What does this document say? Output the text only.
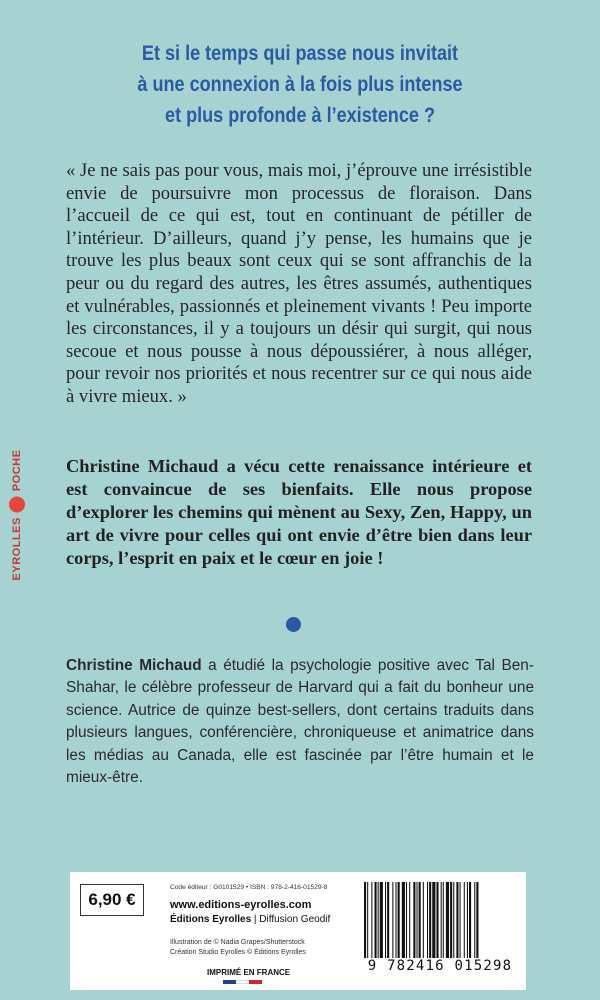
Et si le temps qui passe nous invitait
à une connexion à la fois plus intense
et plus profonde à l’existence ?
« Je ne sais pas pour vous, mais moi, j’éprouve une irrésistible envie de poursuivre mon processus de floraison. Dans l’accueil de ce qui est, tout en continuant de pétiller de l’intérieur. D’ailleurs, quand j’y pense, les humains que je trouve les plus beaux sont ceux qui se sont affranchis de la peur ou du regard des autres, les êtres assumés, authentiques et vulnérables, passionnés et pleinement vivants ! Peu importe les circonstances, il y a toujours un désir qui surgit, qui nous secoue et nous pousse à nous dépoussiérer, à nous alléger, pour revoir nos priorités et nous recentrer sur ce qui nous aide à vivre mieux. »
Christine Michaud a vécu cette renaissance intérieure et est convaincue de ses bienfaits. Elle nous propose d’explorer les chemins qui mènent au Sexy, Zen, Happy, un art de vivre pour celles qui ont envie d’être bien dans leur corps, l’esprit en paix et le cœur en joie !
Christine Michaud a étudié la psychologie positive avec Tal Ben-Shahar, le célèbre professeur de Harvard qui a fait du bonheur une science. Autrice de quinze best-sellers, dont certains traduits dans plusieurs langues, conférencière, chroniqueuse et animatrice dans les médias au Canada, elle est fascinée par l’être humain et le mieux-être.
EYROLLES
POCHE
6,90 €
Code éditeur : G0101529 • ISBN : 978-2-416-01529-8
www.editions-eyrolles.com
Éditions Eyrolles | Diffusion Geodif
Illustration de © Nadia Grapes/Shutterstock
Création Studio Eyrolles © Éditions Eyrolles
IMPRIMÉ EN FRANCE	9 782416 015298
